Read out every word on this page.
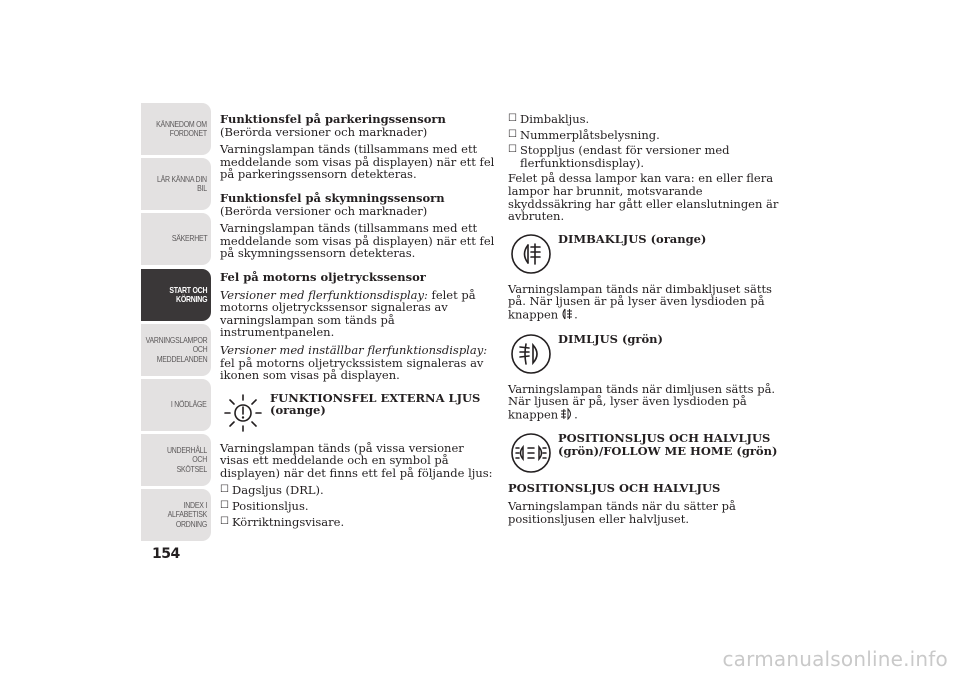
KÄNNEDOM OM
FORDONET
LÄR KÄNNA DIN
BIL
SÄKERHET
START OCH
KÖRNING
VARNINGSLAMPOR
OCH
MEDDELANDEN
I NÖDLÄGE
UNDERHÅLL OCH
SKÖTSEL
INDEX I
ALFABETISK
ORDNING
154

Funktionsfel på parkeringssensorn

(Berörda versioner och marknader)

Varningslampan tänds (tillsammans med ett meddelande som visas på displayen) när ett fel på parkeringssensorn detekteras.

Funktionsfel på skymningssensorn

(Berörda versioner och marknader)

Varningslampan tänds (tillsammans med ett meddelande som visas på displayen) när ett fel på skymningssensorn detekteras.

Fel på motorns oljetryckssensor

Versioner med flerfunktionsdisplay: felet på motorns oljetryckssensor signaleras av varningslampan som tänds på instrumentpanelen.

Versioner med inställbar flerfunktionsdisplay: fel på motorns oljetryckssistem signaleras av ikonen som visas på displayen.

FUNKTIONSFEL EXTERNA LJUS (orange)

Varningslampan tänds (på vissa versioner visas ett meddelande och en symbol på displayen) när det finns ett fel på följande ljus:

☐ Dagsljus (DRL).
☐ Positionsljus.
☐ Körriktningsvisare.
☐ Dimbakljus.
☐ Nummerplåtsbelysning.
☐ Stoppljus (endast för versioner med flerfunktionsdisplay).

Felet på dessa lampor kan vara: en eller flera lampor har brunnit, motsvarande skyddssäkring har gått eller elanslutningen är avbruten.

DIMBAKLJUS (orange)

Varningslampan tänds när dimbakljuset sätts på. När ljusen är på lyser även lysdioden på knappen .

DIMLJUS (grön)

Varningslampan tänds när dimljusen sätts på. När ljusen är på, lyser även lysdioden på knappen .

POSITIONSLJUS OCH HALVLJUS (grön)/FOLLOW ME HOME (grön)

POSITIONSLJUS OCH HALVLJUS

Varningslampan tänds när du sätter på positionsljusen eller halvljuset.

carmanualsonline.info
